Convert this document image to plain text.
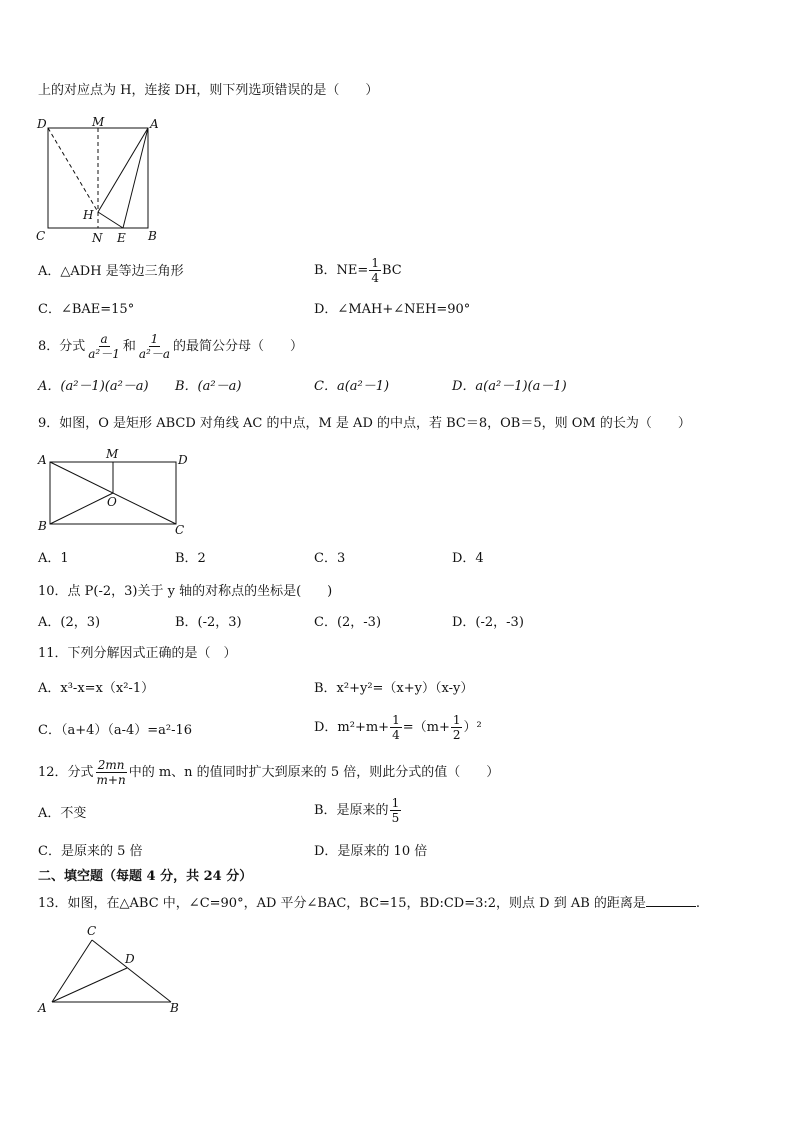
上的对应点为 H，连接 DH，则下列选项错误的是（　　）
D	M	A
H
C	N E B
A．△ADH 是等边三角形	B．$NE= \frac{1}{4}$ BC
C．∠BAE=15°	D．∠MAH+∠NEH=90°
8．分式 $\frac{a}{\text{a²－1}}$ 和 $\frac{1}{\text{a²－a}}$ 的最简公分母（　　）
A．(a²－1)(a²－a) B．(a²－a)	C．a(a²－1)	D．a(a²－1)(a－1)
9．如图，O 是矩形 ABCD 对角线 AC 的中点，M 是 AD 的中点，若 BC＝8，OB＝5，则 OM 的长为（　　）
A	M	D
O
B	C
A．1	B．2	C．3	D．4
10．点 P(-2，3)关于 y 轴的对称点的坐标是(　　)
A．(2，3)	B．(-2，3)	C．(2，-3)	D．(-2，-3)
11．下列分解因式正确的是（　）
A．x³-x=x（x²-1）	B．x²+y²=（x+y）（x-y）
C．（a+4）（a-4）=a²-16	D．$m^2+m+ \frac{1}{4} =(m+ \frac{1}{2} )^2$
12．分式 $\frac{2mn}{m+n}$ 中的 m、n 的值同时扩大到原来的 5 倍，则此分式的值（　　）
A．不变	B．是原来的 $\frac{1}{5}$
C．是原来的 5 倍	D．是原来的 10 倍
二、填空题（每题 4 分，共 24 分）
13．如图，在△ABC 中，∠C=90°，AD 平分∠BAC，BC=15，BD:CD=3:2，则点 D 到 AB 的距离是	.
C
D
A	B
